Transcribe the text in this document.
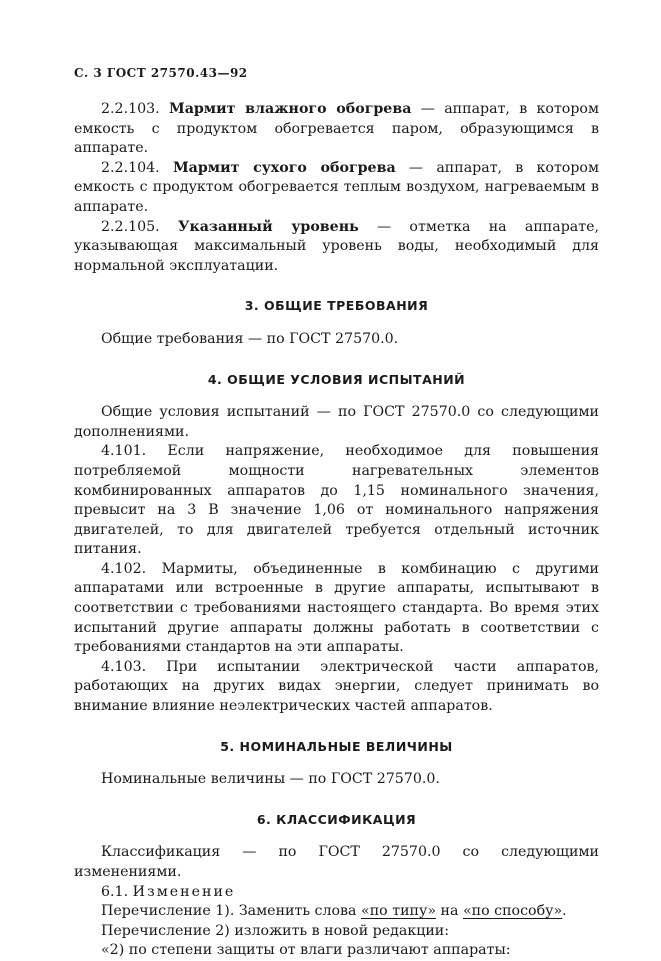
С. 3 ГОСТ 27570.43—92

2.2.103. Мармит влажного обогрева — аппарат, в котором емкость с продуктом обогревается паром, образующимся в аппарате.

2.2.104. Мармит сухого обогрева — аппарат, в котором емкость с продуктом обогревается теплым воздухом, нагреваемым в аппарате.

2.2.105. Указанный уровень — отметка на аппарате, указывающая максимальный уровень воды, необходимый для нормальной эксплуатации.

3. ОБЩИЕ ТРЕБОВАНИЯ

Общие требования — по ГОСТ 27570.0.

4. ОБЩИЕ УСЛОВИЯ ИСПЫТАНИЙ

Общие условия испытаний — по ГОСТ 27570.0 со следующими дополнениями.

4.101. Если напряжение, необходимое для повышения потребляемой мощности нагревательных элементов комбинированных аппаратов до 1,15 номинального значения, превысит на 3 В значение 1,06 от номинального напряжения двигателей, то для двигателей требуется отдельный источник питания.

4.102. Мармиты, объединенные в комбинацию с другими аппаратами или встроенные в другие аппараты, испытывают в соответствии с требованиями настоящего стандарта. Во время этих испытаний другие аппараты должны работать в соответствии с требованиями стандартов на эти аппараты.

4.103. При испытании электрической части аппаратов, работающих на других видах энергии, следует принимать во внимание влияние неэлектрических частей аппаратов.

5. НОМИНАЛЬНЫЕ ВЕЛИЧИНЫ

Номинальные величины — по ГОСТ 27570.0.

6. КЛАССИФИКАЦИЯ

Классификация — по ГОСТ 27570.0 со следующими изменениями.

6.1. Изменение

Перечисление 1). Заменить слова «по типу» на «по способу».

Перечисление 2) изложить в новой редакции:

«2) по степени защиты от влаги различают аппараты:
